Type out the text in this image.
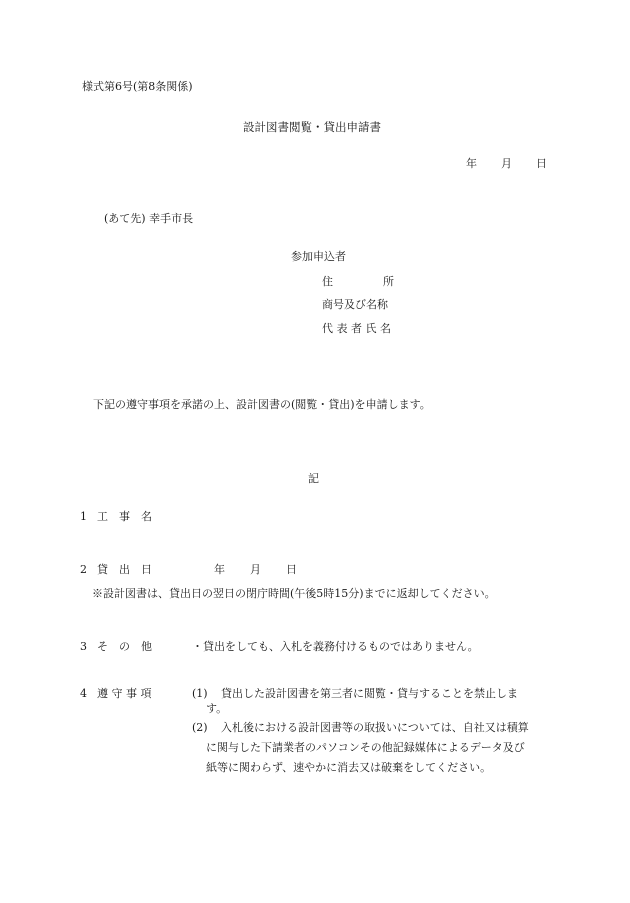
様式第6号(第8条関係)
設計図書閲覧・貸出申請書
年 月 日
(あて先) 幸手市長
参加申込者
住	所
商号及び名称
代 表 者 氏 名
下記の遵守事項を承諾の上、設計図書の(閲覧・貸出)を申請します。
記
1 工　事　名
2 貸　出　日	年 月 日
※設計図書は、貸出日の翌日の閉庁時間(午後5時15分)までに返却してください。
3 そ　の　他	・貸出をしても、入札を義務付けるものではありません。
4 遵 守 事 項	(1) 貸出した設計図書を第三者に閲覧・貸与することを禁止しま
す。
(2) 入札後における設計図書等の取扱いについては、自社又は積算
に関与した下請業者のパソコンその他記録媒体によるデータ及び
紙等に関わらず、速やかに消去又は破棄をしてください。
